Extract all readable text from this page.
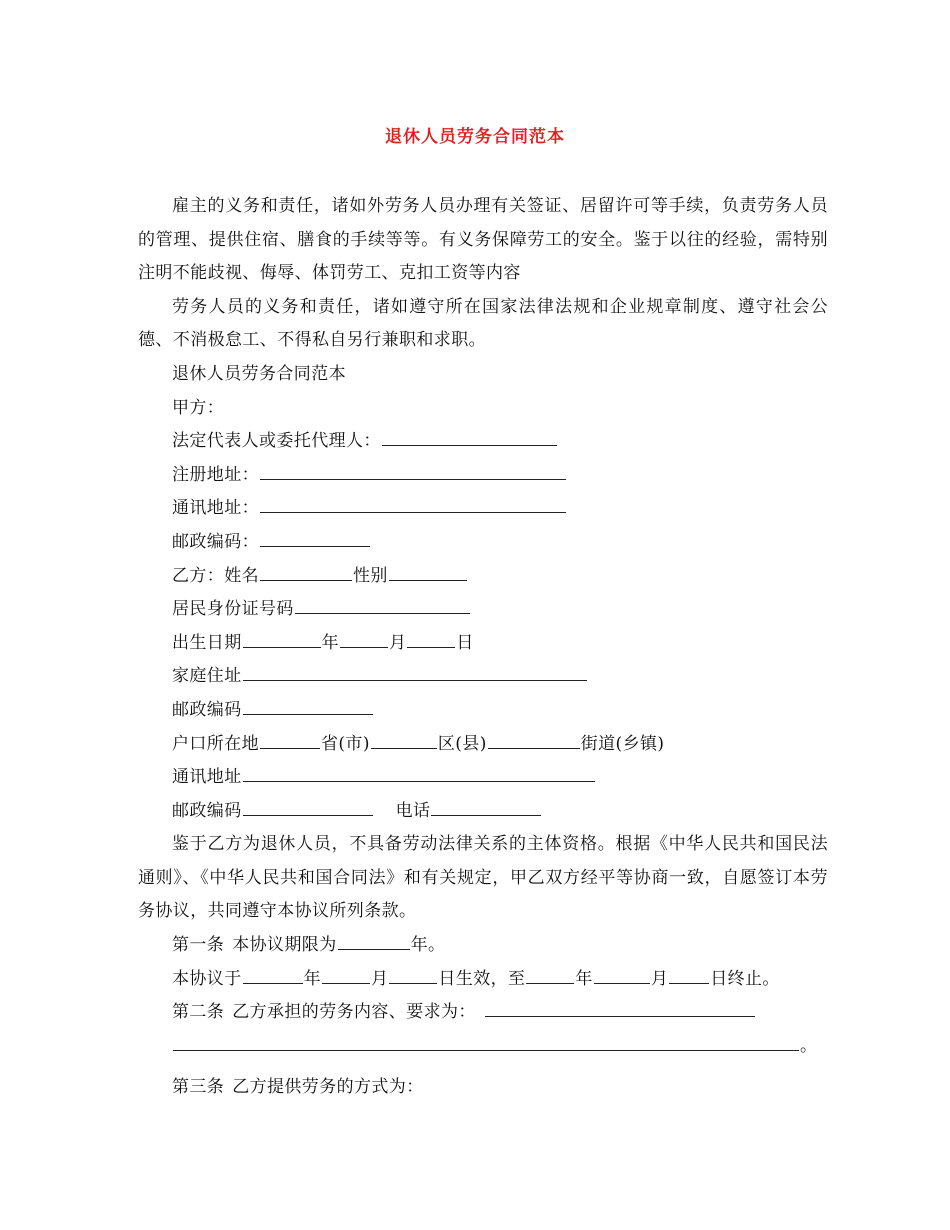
退休人员劳务合同范本

雇主的义务和责任，诸如外劳务人员办理有关签证、居留许可等手续，负责劳务人员的管理、提供住宿、膳食的手续等等。有义务保障劳工的安全。鉴于以往的经验，需特别注明不能歧视、侮辱、体罚劳工、克扣工资等内容

劳务人员的义务和责任，诸如遵守所在国家法律法规和企业规章制度、遵守社会公德、不消极怠工、不得私自另行兼职和求职。

退休人员劳务合同范本

甲方：

法定代表人或委托代理人：

注册地址：

通讯地址：

邮政编码：

乙方：姓名	性别

居民身份证号码

出生日期	年	月	日

家庭住址

邮政编码

户口所在地	省(市)	区(县)	街道(乡镇)

通讯地址

邮政编码	电话

鉴于乙方为退休人员，不具备劳动法律关系的主体资格。根据《中华人民共和国民法通则》、《中华人民共和国合同法》和有关规定，甲乙双方经平等协商一致，自愿签订本劳务协议，共同遵守本协议所列条款。

第一条 本协议期限为	年。

本协议于	年	月	日生效，至	年	月 日终止。

第二条 乙方承担的劳务内容、要求为：

。

第三条 乙方提供劳务的方式为：
